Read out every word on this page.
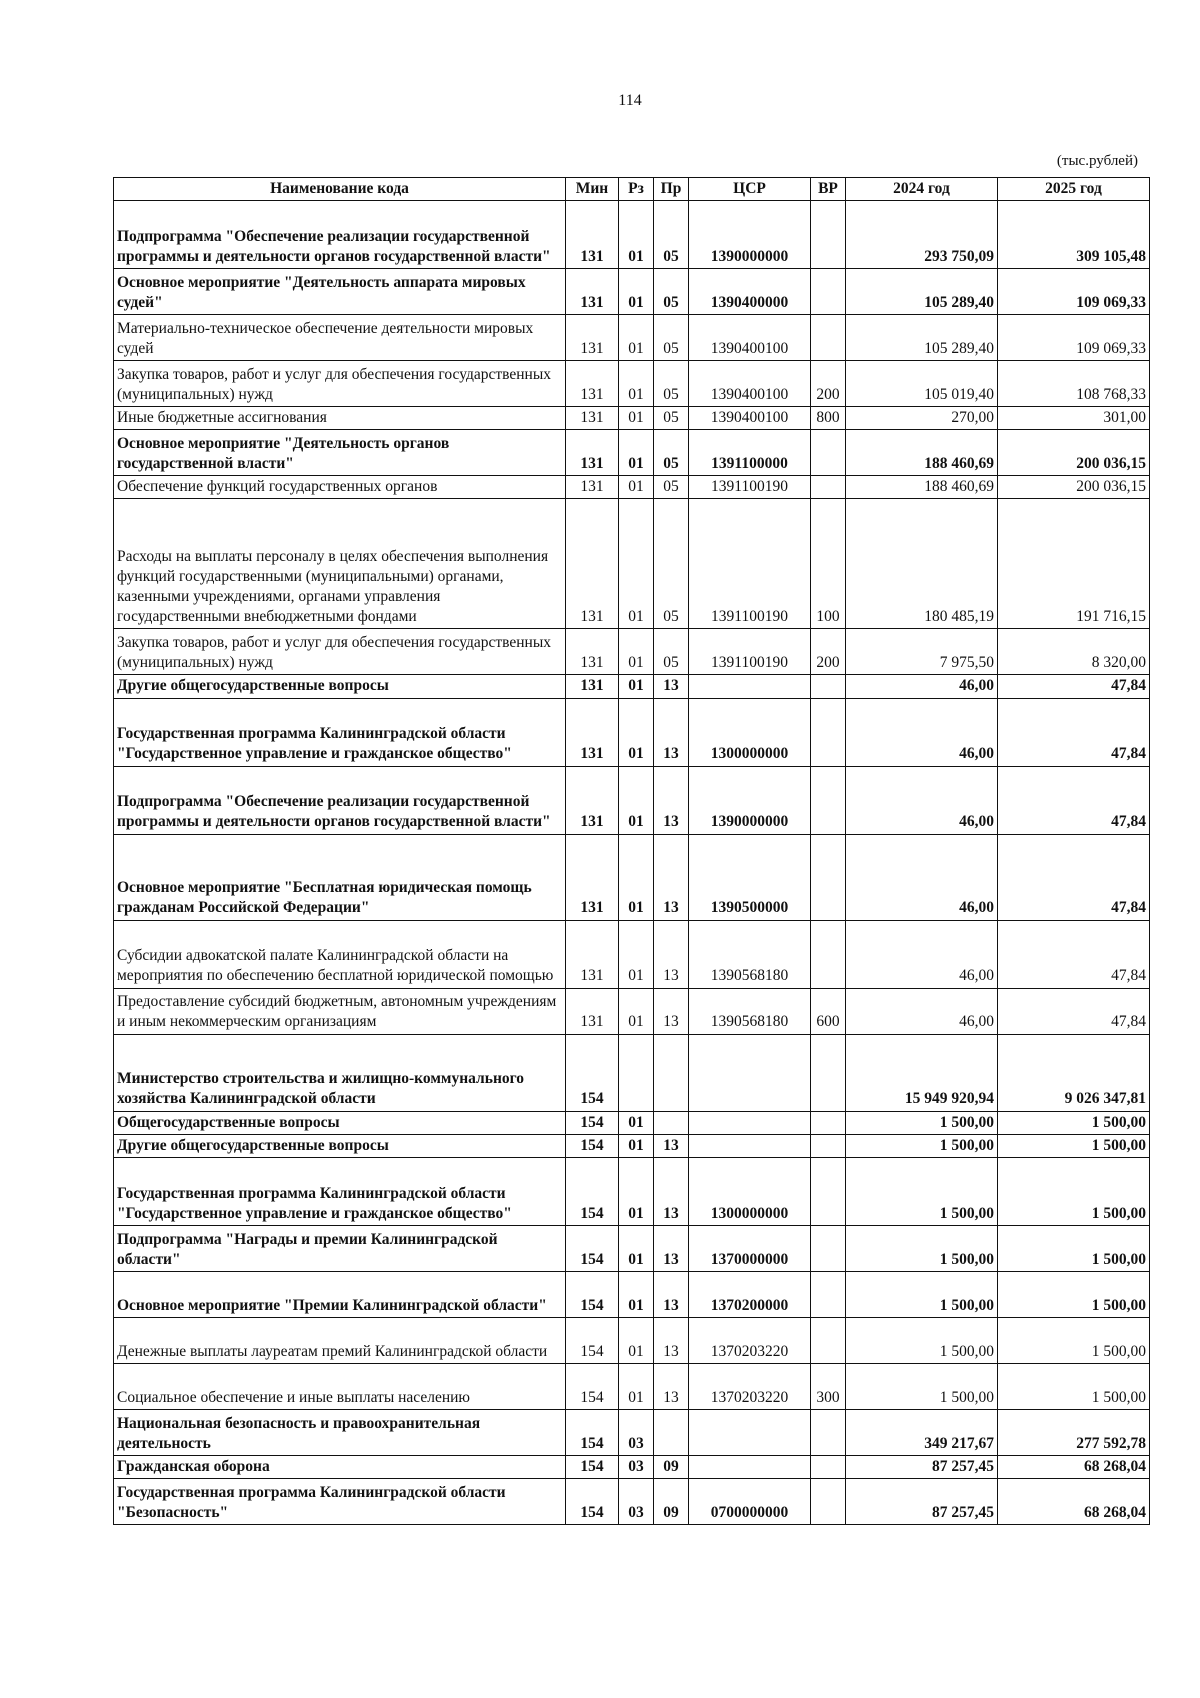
114
(тыс.рублей)
Наименование кода	Мин	Рз	Пр	ЦСР	ВР	2024 год	2025 год
Подпрограмма "Обеспечение реализации государственной программы и деятельности органов государственной власти"	131	01	05	1390000000		293 750,09	309 105,48
Основное мероприятие "Деятельность аппарата мировых судей"	131	01	05	1390400000		105 289,40	109 069,33
Материально-техническое обеспечение деятельности мировых судей	131	01	05	1390400100		105 289,40	109 069,33
Закупка товаров, работ и услуг для обеспечения государственных (муниципальных) нужд	131	01	05	1390400100	200	105 019,40	108 768,33
Иные бюджетные ассигнования	131	01	05	1390400100	800	270,00	301,00
Основное мероприятие "Деятельность органов государственной власти"	131	01	05	1391100000		188 460,69	200 036,15
Обеспечение функций государственных органов	131	01	05	1391100190		188 460,69	200 036,15
Расходы на выплаты персоналу в целях обеспечения выполнения функций государственными (муниципальными) органами, казенными учреждениями, органами управления государственными внебюджетными фондами	131	01	05	1391100190	100	180 485,19	191 716,15
Закупка товаров, работ и услуг для обеспечения государственных (муниципальных) нужд	131	01	05	1391100190	200	7 975,50	8 320,00
Другие общегосударственные вопросы	131	01	13			46,00	47,84
Государственная программа Калининградской области "Государственное управление и гражданское общество"	131	01	13	1300000000		46,00	47,84
Подпрограмма "Обеспечение реализации государственной программы и деятельности органов государственной власти"	131	01	13	1390000000		46,00	47,84
Основное мероприятие "Бесплатная юридическая помощь гражданам Российской Федерации"	131	01	13	1390500000		46,00	47,84
Субсидии адвокатской палате Калининградской области на мероприятия по обеспечению бесплатной юридической помощью	131	01	13	1390568180		46,00	47,84
Предоставление субсидий бюджетным, автономным учреждениям и иным некоммерческим организациям	131	01	13	1390568180	600	46,00	47,84
Министерство строительства и жилищно-коммунального хозяйства Калининградской области	154					15 949 920,94	9 026 347,81
Общегосударственные вопросы	154	01				1 500,00	1 500,00
Другие общегосударственные вопросы	154	01	13			1 500,00	1 500,00
Государственная программа Калининградской области "Государственное управление и гражданское общество"	154	01	13	1300000000		1 500,00	1 500,00
Подпрограмма "Награды и премии Калининградской области"	154	01	13	1370000000		1 500,00	1 500,00
Основное мероприятие "Премии Калининградской области"	154	01	13	1370200000		1 500,00	1 500,00
Денежные выплаты лауреатам премий Калининградской области	154	01	13	1370203220		1 500,00	1 500,00
Социальное обеспечение и иные выплаты населению	154	01	13	1370203220	300	1 500,00	1 500,00
Национальная безопасность и правоохранительная деятельность	154	03				349 217,67	277 592,78
Гражданская оборона	154	03	09			87 257,45	68 268,04
Государственная программа Калининградской области "Безопасность"	154	03	09	0700000000		87 257,45	68 268,04
